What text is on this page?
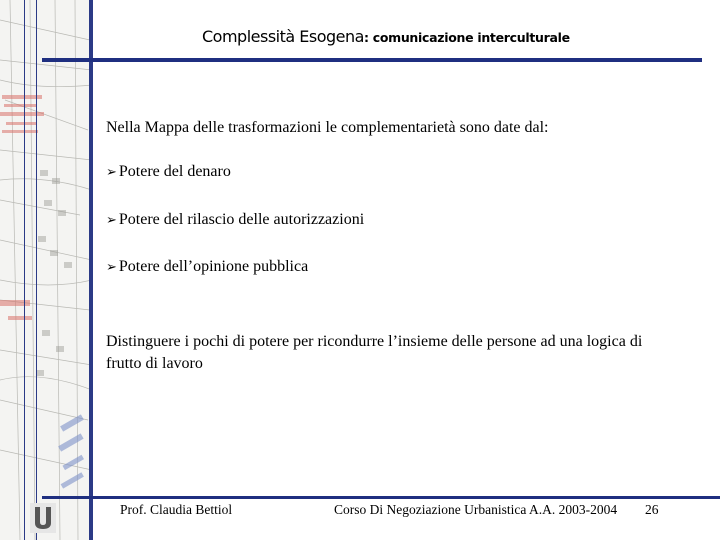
Complessità Esogena: comunicazione interculturale
Nella Mappa delle trasformazioni le complementarietà sono date dal:
➢ Potere del denaro
➢ Potere del rilascio delle autorizzazioni
➢ Potere dell’opinione pubblica
Distinguere i pochi di potere per ricondurre l’insieme delle persone ad una logica di frutto di lavoro
Prof. Claudia Bettiol	Corso Di Negoziazione Urbanistica A.A. 2003-2004 26
